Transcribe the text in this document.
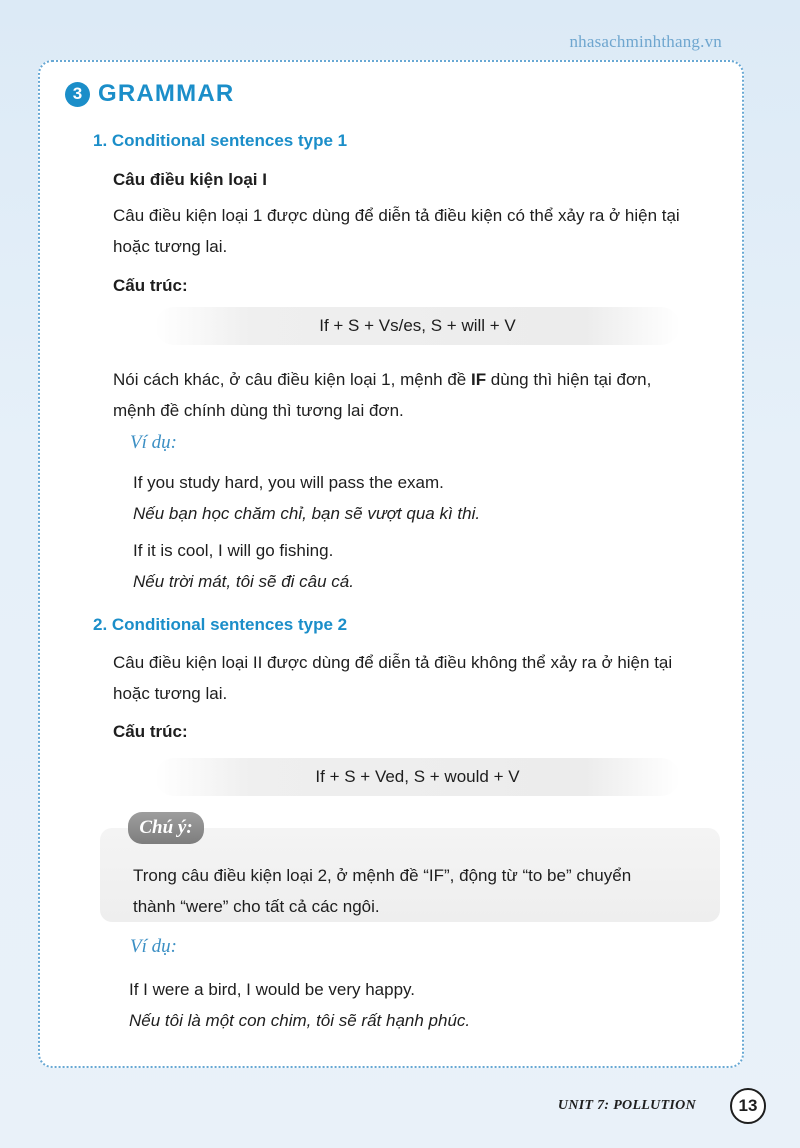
nhasachminhthang.vn
3 GRAMMAR
1. Conditional sentences type 1
Câu điều kiện loại I
Câu điều kiện loại 1 được dùng để diễn tả điều kiện có thể xảy ra ở hiện tại
hoặc tương lai.
Cấu trúc:
If + S + Vs/es, S + will + V
Nói cách khác, ở câu điều kiện loại 1, mệnh đề IF dùng thì hiện tại đơn,
mệnh đề chính dùng thì tương lai đơn.
Ví dụ:
If you study hard, you will pass the exam.
Nếu bạn học chăm chỉ, bạn sẽ vượt qua kì thi.
If it is cool, I will go fishing.
Nếu trời mát, tôi sẽ đi câu cá.
2. Conditional sentences type 2
Câu điều kiện loại II được dùng để diễn tả điều không thể xảy ra ở hiện tại
hoặc tương lai.
Cấu trúc:
If + S + Ved, S + would + V
Chú ý:
Trong câu điều kiện loại 2, ở mệnh đề “IF”, động từ “to be” chuyển
thành “were” cho tất cả các ngôi.
Ví dụ:
If I were a bird, I would be very happy.
Nếu tôi là một con chim, tôi sẽ rất hạnh phúc.
UNIT 7: POLLUTION	13
